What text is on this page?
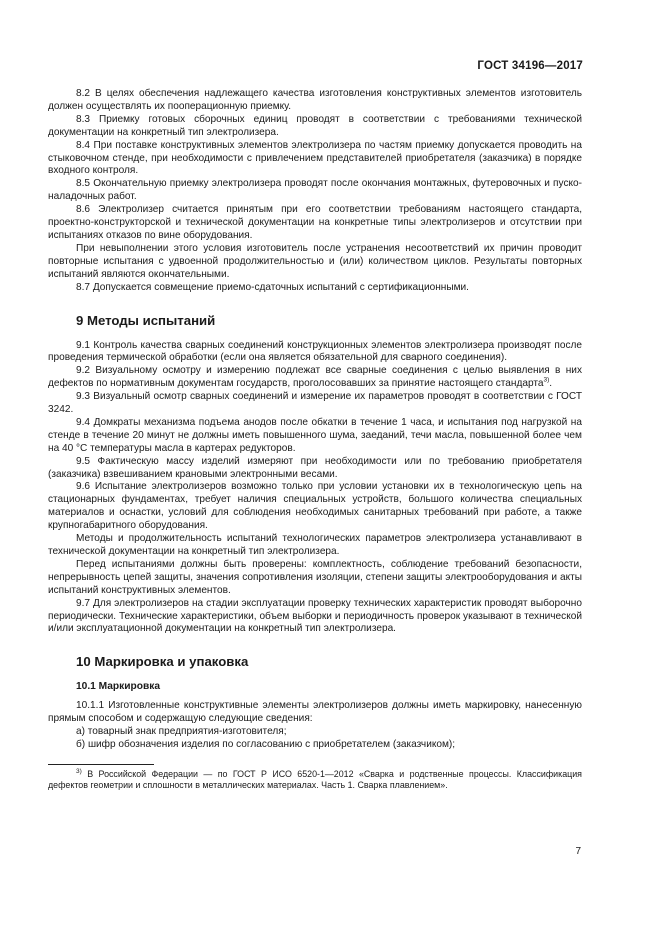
ГОСТ 34196—2017

8.2 В целях обеспечения надлежащего качества изготовления конструктивных элементов изготовитель должен осуществлять их пооперационную приемку.

8.3 Приемку готовых сборочных единиц проводят в соответствии с требованиями технической документации на конкретный тип электролизера.

8.4 При поставке конструктивных элементов электролизера по частям приемку допускается проводить на стыковочном стенде, при необходимости с привлечением представителей приобретателя (заказчика) в порядке входного контроля.

8.5 Окончательную приемку электролизера проводят после окончания монтажных, футеровочных и пуско-наладочных работ.

8.6 Электролизер считается принятым при его соответствии требованиям настоящего стандарта, проектно-конструкторской и технической документации на конкретные типы электролизеров и отсутствии при испытаниях отказов по вине оборудования.

При невыполнении этого условия изготовитель после устранения несоответствий их причин проводит повторные испытания с удвоенной продолжительностью и (или) количеством циклов. Результаты повторных испытаний являются окончательными.

8.7 Допускается совмещение приемо-сдаточных испытаний с сертификационными.

9 Методы испытаний

9.1 Контроль качества сварных соединений конструкционных элементов электролизера производят после проведения термической обработки (если она является обязательной для сварного соединения).

9.2 Визуальному осмотру и измерению подлежат все сварные соединения с целью выявления в них дефектов по нормативным документам государств, проголосовавших за принятие настоящего стандарта$^{3)}$.

9.3 Визуальный осмотр сварных соединений и измерение их параметров проводят в соответствии с ГОСТ 3242.

9.4 Домкраты механизма подъема анодов после обкатки в течение 1 часа, и испытания под нагрузкой на стенде в течение 20 минут не должны иметь повышенного шума, заеданий, течи масла, повышенной более чем на 40 °С температуры масла в картерах редукторов.

9.5 Фактическую массу изделий измеряют при необходимости или по требованию приобретателя (заказчика) взвешиванием крановыми электронными весами.

9.6 Испытание электролизеров возможно только при условии установки их в технологическую цепь на стационарных фундаментах, требует наличия специальных устройств, большого количества специальных материалов и оснастки, условий для соблюдения необходимых санитарных требований при работе, а также крупногабаритного оборудования.

Методы и продолжительность испытаний технологических параметров электролизера устанавливают в технической документации на конкретный тип электролизера.

Перед испытаниями должны быть проверены: комплектность, соблюдение требований безопасности, непрерывность цепей защиты, значения сопротивления изоляции, степени защиты электрооборудования и акты испытаний конструктивных элементов.

9.7 Для электролизеров на стадии эксплуатации проверку технических характеристик проводят выборочно периодически. Технические характеристики, объем выборки и периодичность проверок указывают в технической и/или эксплуатационной документации на конкретный тип электролизера.

10 Маркировка и упаковка
10.1 Маркировка

10.1.1 Изготовленные конструктивные элементы электролизеров должны иметь маркировку, нанесенную прямым способом и содержащую следующие сведения:

а) товарный знак предприятия-изготовителя;

б) шифр обозначения изделия по согласованию с приобретателем (заказчиком);

$^{3)}$ В Российской Федерации — по ГОСТ Р ИСО 6520-1—2012 «Сварка и родственные процессы. Классификация дефектов геометрии и сплошности в металлических материалах. Часть 1. Сварка плавлением».

7
